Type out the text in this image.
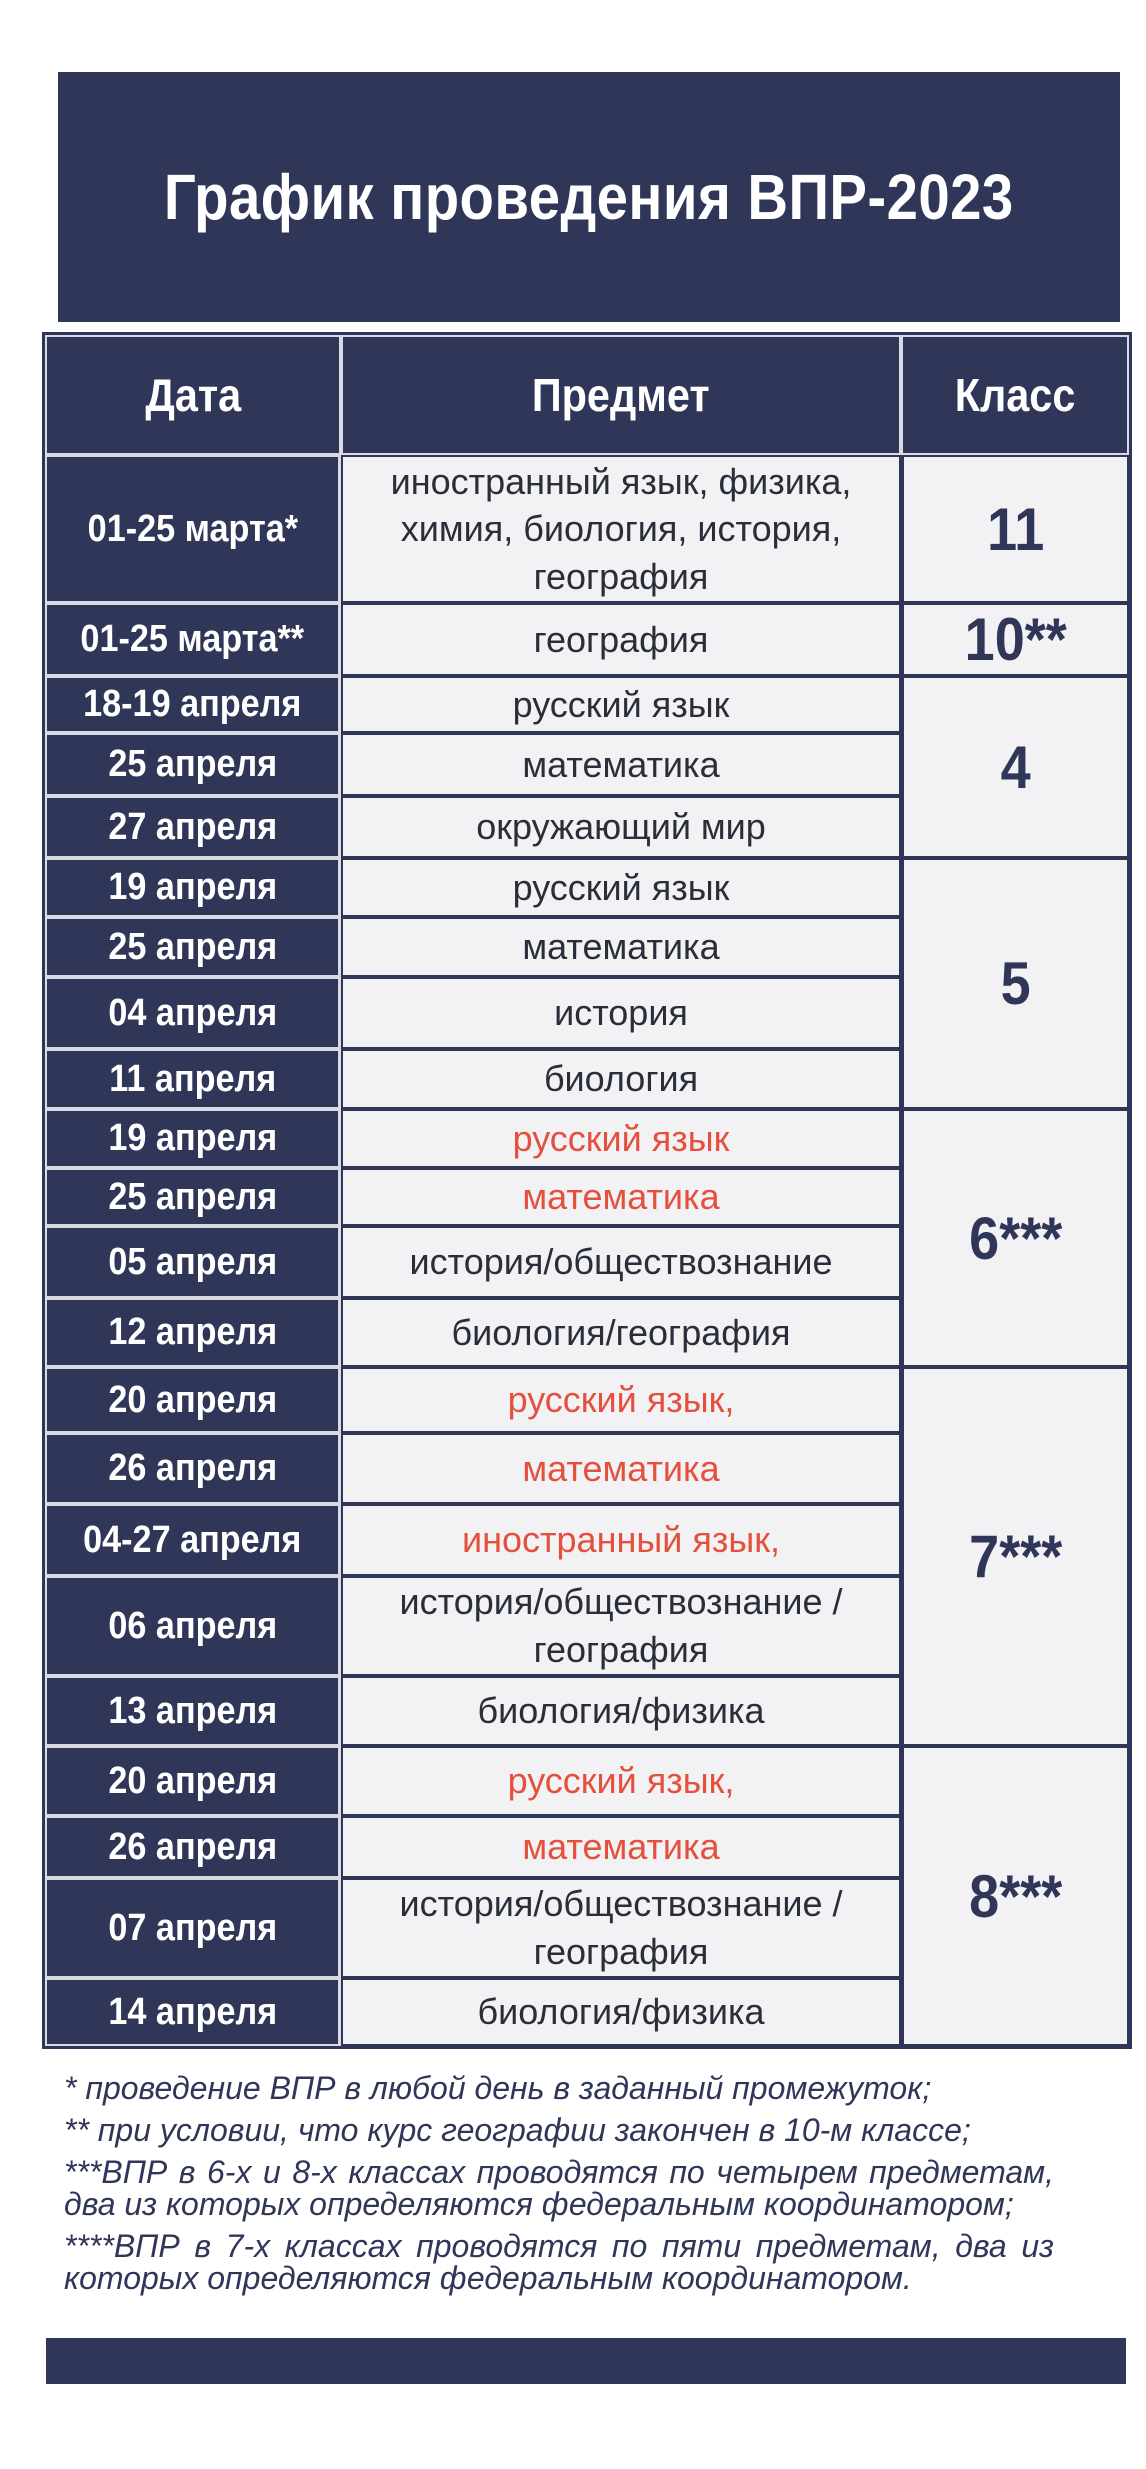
График проведения ВПР-2023
Дата	Предмет	Класс
01-25 марта*	иностранный язык, физика, химия, биология, история, география	11
01-25 марта**	география	10**
18-19 апреля	русский язык	4
25 апреля	математика	
27 апреля	окружающий мир	
19 апреля	русский язык	5
25 апреля	математика	
04 апреля	история	
11 апреля	биология	
19 апреля	русский язык	6***
25 апреля	математика	
05 апреля	история/обществознание	
12 апреля	биология/география	
20 апреля	русский язык,	7***
26 апреля	математика	
04-27 апреля	иностранный язык,	
06 апреля	история/обществознание / география	
13 апреля	биология/физика	
20 апреля	русский язык,	8***
26 апреля	математика	
07 апреля	история/обществознание / география	
14 апреля	биология/физика	

* проведение ВПР в любой день в заданный промежуток;

** при условии, что курс географии закончен в 10-м классе;

***ВПР в 6-х и 8-х классах проводятся по четырем предметам, два из которых определяются федеральным координатором;

****ВПР в 7-х классах проводятся по пяти предметам, два из которых определяются федеральным координатором.
